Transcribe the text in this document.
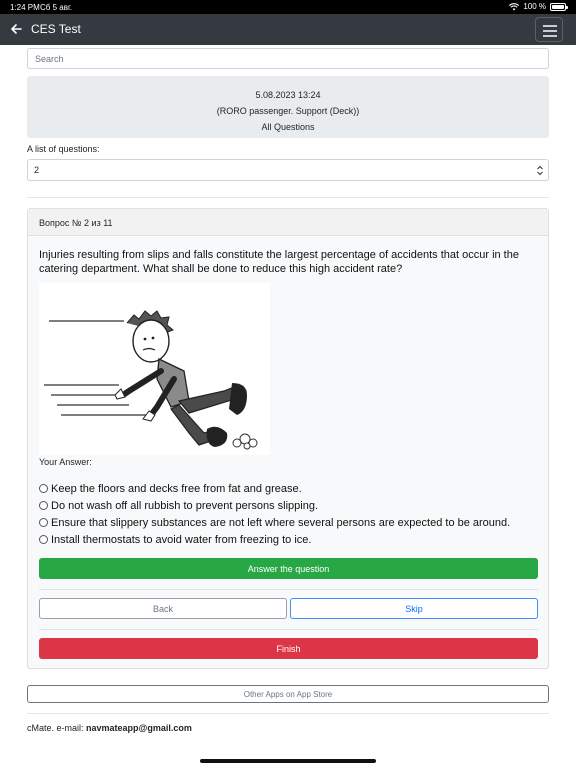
1:24 PM Сб 5 авг.	100 %
CES Test
Search
5.08.2023 13:24
(RORO passenger. Support (Deck))
All Questions
A list of questions:
2
Вопрос № 2 из 11
Injuries resulting from slips and falls constitute the largest percentage of accidents that occur in the catering department. What shall be done to reduce this high accident rate?
Your Answer:
Keep the floors and decks free from fat and grease.
Do not wash off all rubbish to prevent persons slipping.
Ensure that slippery substances are not left where several persons are expected to be around.
Install thermostats to avoid water from freezing to ice.
Answer the question
Back	Skip
Finish
Other Apps on App Store
cMate. e-mail: navmateapp@gmail.com
